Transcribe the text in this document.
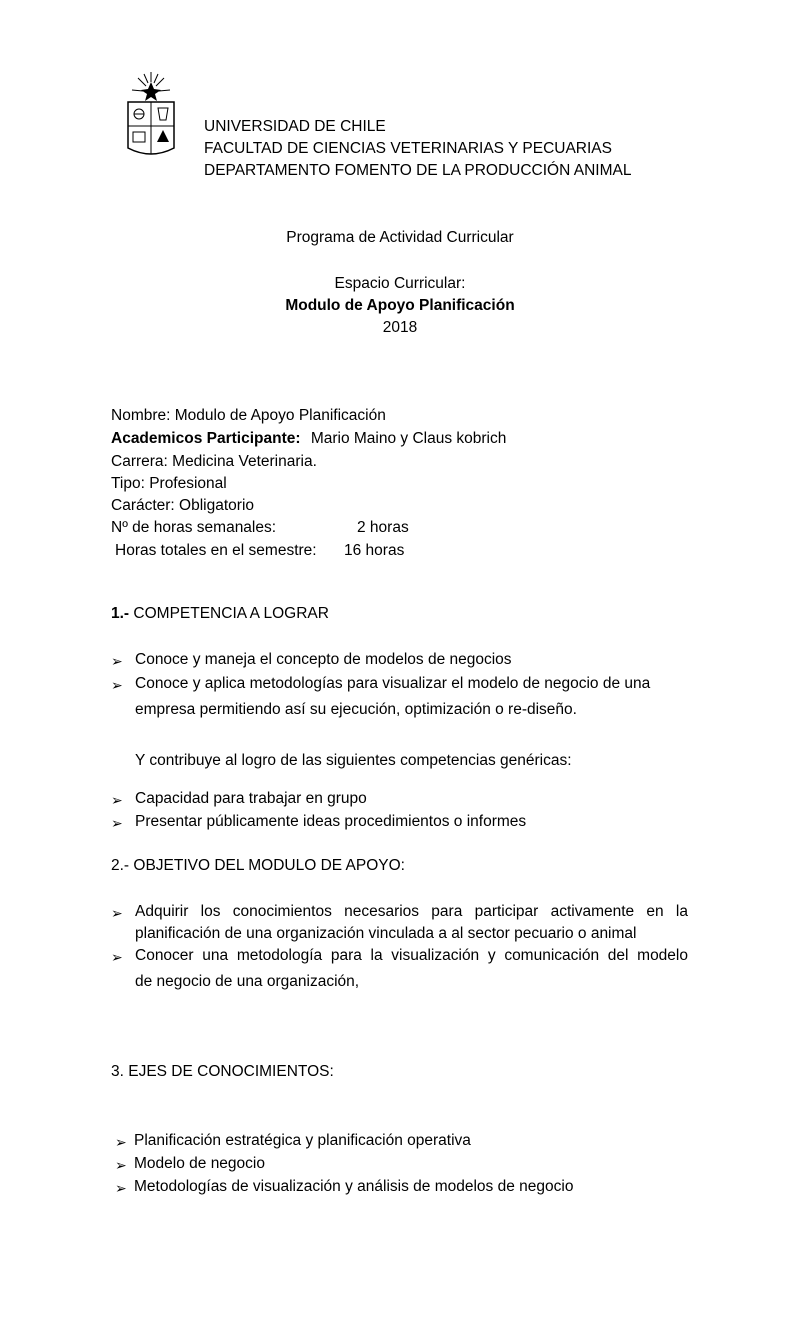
UNIVERSIDAD DE CHILE
FACULTAD DE CIENCIAS VETERINARIAS Y PECUARIAS
DEPARTAMENTO FOMENTO DE LA PRODUCCIÓN ANIMAL
Programa de Actividad Curricular
Espacio Curricular:
Modulo de Apoyo Planificación
2018
Nombre: Modulo de Apoyo Planificación
Academicos Participante: Mario Maino y Claus kobrich
Carrera: Medicina Veterinaria.
Tipo: Profesional
Carácter: Obligatorio
Nº de horas semanales:	2 horas
Horas totales en el semestre: 16 horas
1.- COMPETENCIA A LOGRAR
➢ Conoce y maneja el concepto de modelos de negocios
➢ Conoce y aplica metodologías para visualizar el modelo de negocio de una
empresa permitiendo así su ejecución, optimización o re-diseño.
Y contribuye al logro de las siguientes competencias genéricas:
➢ Capacidad para trabajar en grupo
➢ Presentar públicamente ideas procedimientos o informes
2.- OBJETIVO DEL MODULO DE APOYO:
➢ Adquirir los conocimientos necesarios para participar activamente en la
planificación de una organización vinculada a al sector pecuario o animal
➢ Conocer una metodología para la visualización y comunicación del modelo
de negocio de una organización,
3. EJES DE CONOCIMIENTOS:
➢ Planificación estratégica y planificación operativa
➢ Modelo de negocio
➢ Metodologías de visualización y análisis de modelos de negocio
